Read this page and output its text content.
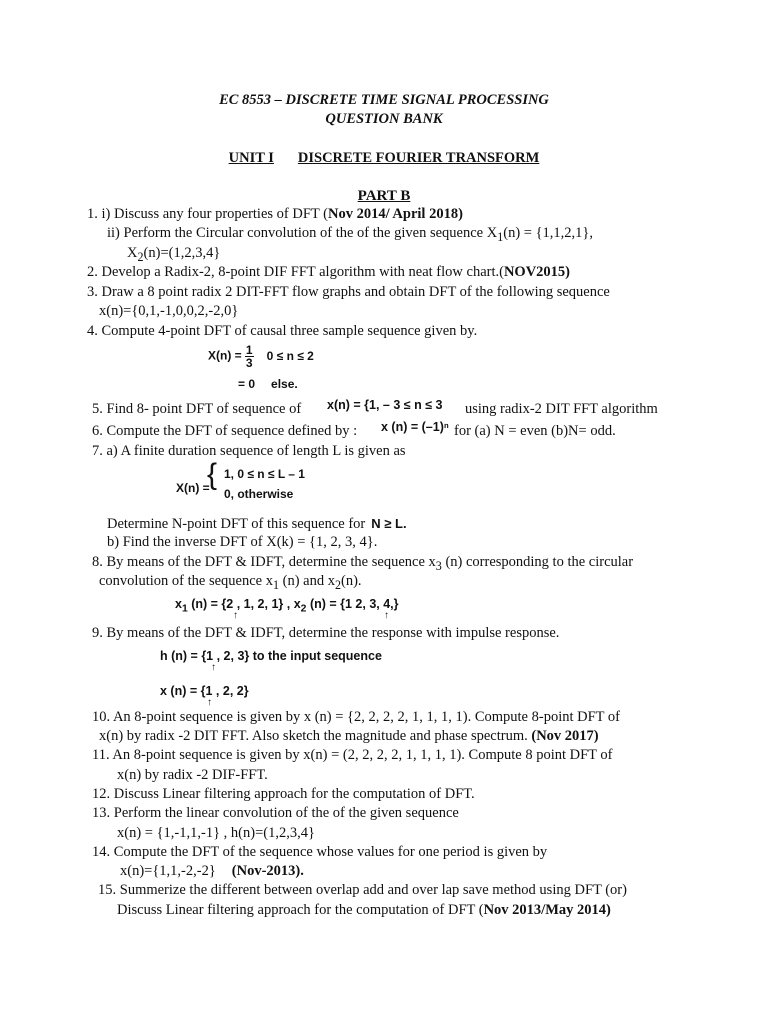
EC 8553 – DISCRETE TIME SIGNAL PROCESSING
QUESTION BANK
UNIT I DISCRETE FOURIER TRANSFORM
PART B
1. i) Discuss any four properties of DFT (Nov 2014/ April 2018)
ii) Perform the Circular convolution of the of the given sequence $X_1(n) = \{1,1,2,1\}$,
$X_2(n)=(1,2,3,4\}$
2. Develop a Radix-2, 8-point DIF FFT algorithm with neat flow chart.(NOV2015)
3. Draw a 8 point radix 2 DIT-FFT flow graphs and obtain DFT of the following sequence
x(n)={0,1,-1,0,0,2,-2,0}
4. Compute 4-point DFT of causal three sample sequence given by.
$X(n) = \frac{1}{3} 0 \le n \le 2$
= 0 else.
5. Find 8- point DFT of sequence of x(n) = {1, – 3 ≤ n ≤ 3 using radix-2 DIT FFT algorithm
6. Compute the DFT of sequence defined by : x (n) = (–1)ⁿ for (a) N = even (b)N= odd.
7. a) A finite duration sequence of length L is given as
X(n) =
{ 1, 0 ≤ n ≤ L – 1
0, otherwise
Determine N-point DFT of this sequence for N ≥ L.
b) Find the inverse DFT of X(k) = {1, 2, 3, 4}.
8. By means of the DFT & IDFT, determine the sequence $x_3$ (n) corresponding to the circular
convolution of the sequence $x_1$ (n) and $x_2(n)$.
$x_1$ (n) = {2 , 1, 2, 1} , $x_2$ (n) = {1 2, 3, 4,}
↑	↑
9. By means of the DFT & IDFT, determine the response with impulse response.
h (n) = {1 , 2, 3} to the input sequence
↑
x (n) = {1 , 2, 2}
↑
10. An 8-point sequence is given by x (n) = {2, 2, 2, 2, 1, 1, 1, 1). Compute 8-point DFT of
x(n) by radix -2 DIT FFT. Also sketch the magnitude and phase spectrum. (Nov 2017)
11. An 8-point sequence is given by x(n) = (2, 2, 2, 2, 1, 1, 1, 1). Compute 8 point DFT of
x(n) by radix -2 DIF-FFT.
12. Discuss Linear filtering approach for the computation of DFT.
13. Perform the linear convolution of the of the given sequence
x(n) = {1,-1,1,-1} , h(n)=(1,2,3,4}
14. Compute the DFT of the sequence whose values for one period is given by
x(n)={1,1,-2,-2} (Nov-2013).
15. Summerize the different between overlap add and over lap save method using DFT (or)
Discuss Linear filtering approach for the computation of DFT (Nov 2013/May 2014)
